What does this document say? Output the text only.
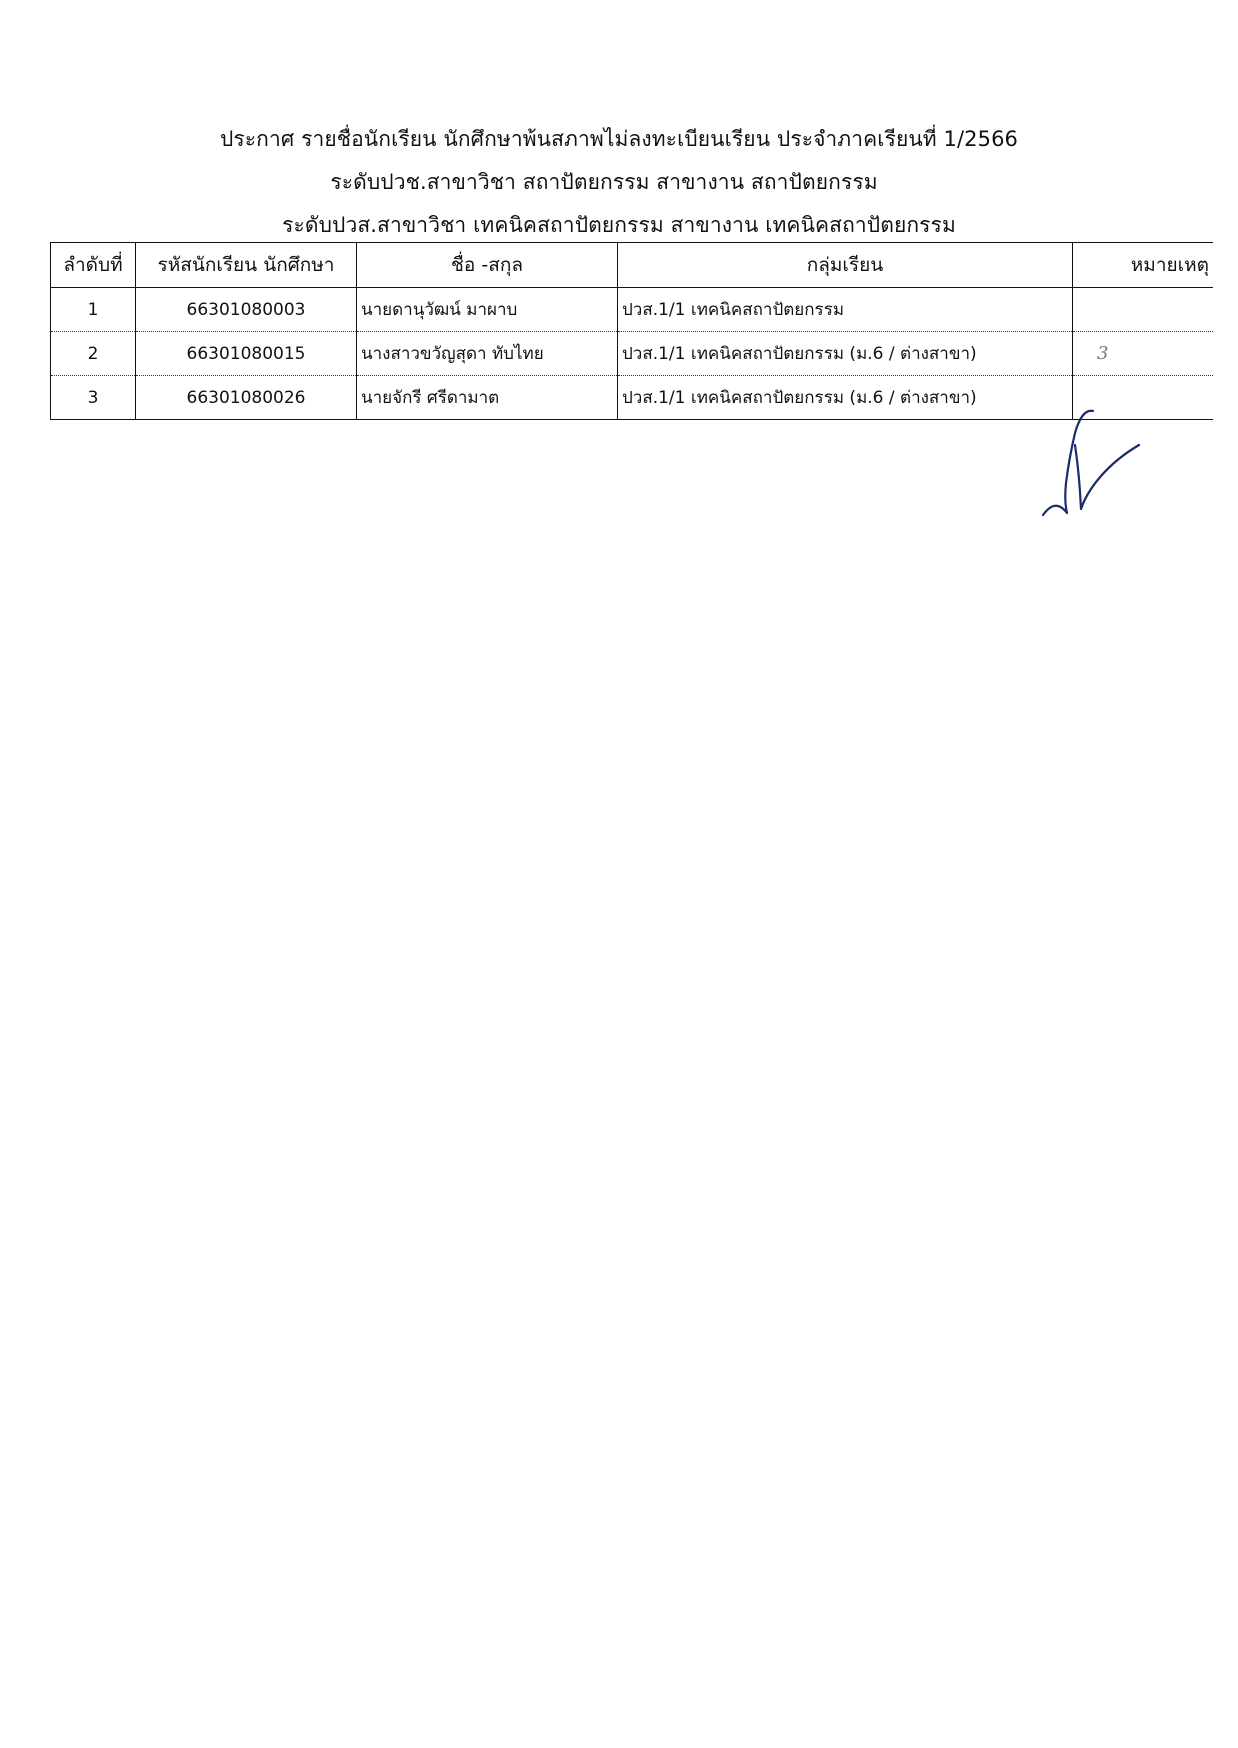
ประกาศ รายชื่อนักเรียน นักศึกษาพ้นสภาพไม่ลงทะเบียนเรียน ประจำภาคเรียนที่ 1/2566
ระดับปวช.สาขาวิชา สถาปัตยกรรม สาขางาน สถาปัตยกรรม
ระดับปวส.สาขาวิชา เทคนิคสถาปัตยกรรม สาขางาน เทคนิคสถาปัตยกรรม
ลำดับที่	รหัสนักเรียน นักศึกษา	ชื่อ -สกุล	กลุ่มเรียน	หมายเหตุ
1	66301080003	นายดานุวัฒน์ มาผาบ	ปวส.1/1 เทคนิคสถาปัตยกรรม	
2	66301080015	นางสาวขวัญสุดา ทับไทย	ปวส.1/1 เทคนิคสถาปัตยกรรม (ม.6 / ต่างสาขา)	3
3	66301080026	นายจักรี ศรีดามาต	ปวส.1/1 เทคนิคสถาปัตยกรรม (ม.6 / ต่างสาขา)	
